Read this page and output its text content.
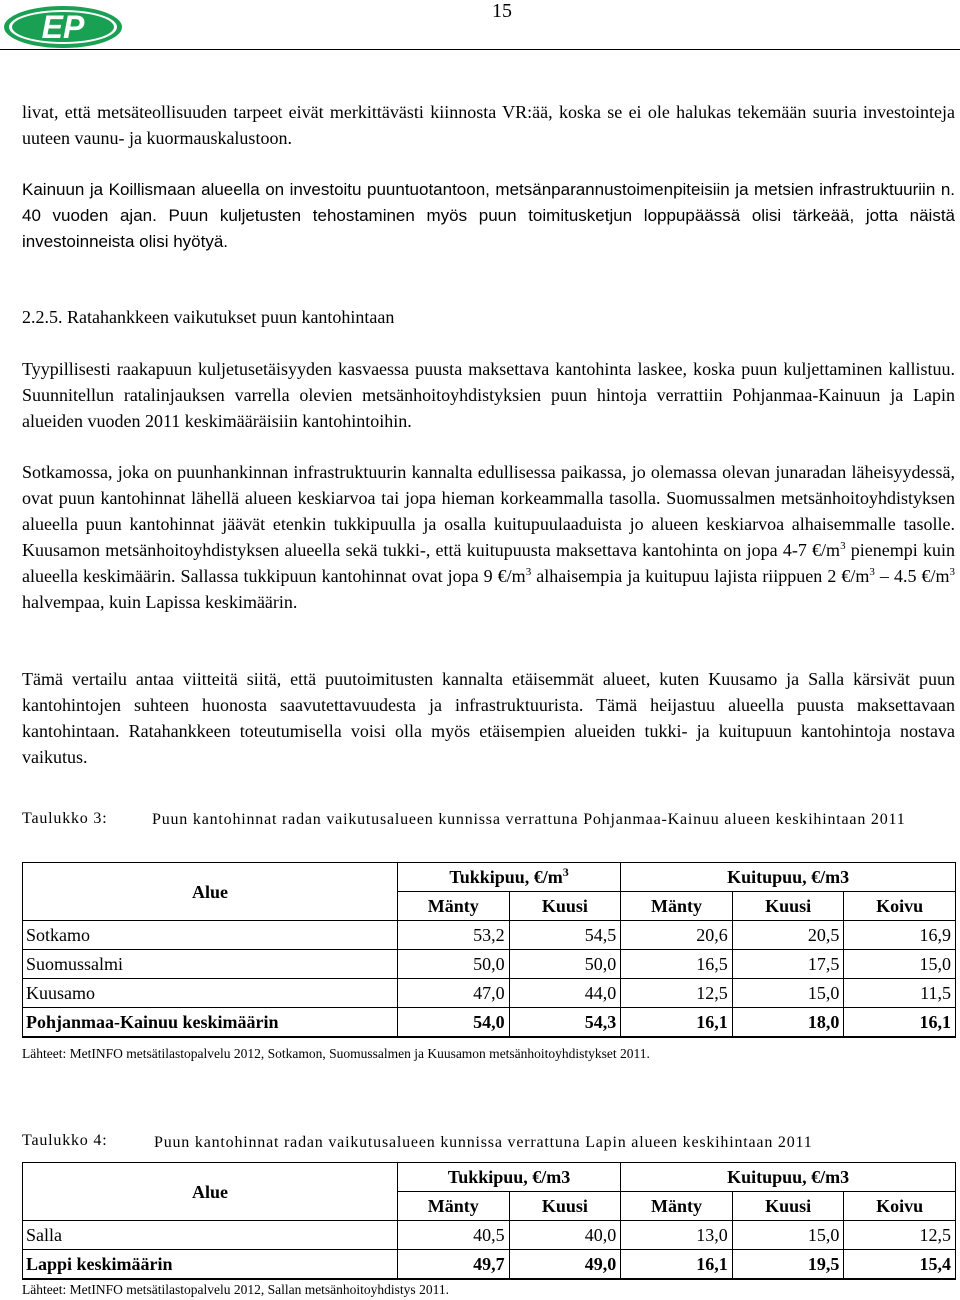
EP	15

livat, että metsäteollisuuden tarpeet eivät merkittävästi kiinnosta VR:ää, koska se ei ole halukas tekemään suuria investointeja uuteen vaunu- ja kuormauskalustoon.

Kainuun ja Koillismaan alueella on investoitu puuntuotantoon, metsänparannustoimenpiteisiin ja metsien infrastruktuuriin n. 40 vuoden ajan. Puun kuljetusten tehostaminen myös puun toimitusketjun loppupäässä olisi tärkeää, jotta näistä investoinneista olisi hyötyä.

2.2.5. Ratahankkeen vaikutukset puun kantohintaan

Tyypillisesti raakapuun kuljetusetäisyyden kasvaessa puusta maksettava kantohinta laskee, koska puun kuljettaminen kallistuu. Suunnitellun ratalinjauksen varrella olevien metsänhoitoyhdistyksien puun hintoja verrattiin Pohjanmaa-Kainuun ja Lapin alueiden vuoden 2011 keskimääräisiin kantohintoihin.

Sotkamossa, joka on puunhankinnan infrastruktuurin kannalta edullisessa paikassa, jo olemassa olevan junaradan läheisyydessä, ovat puun kantohinnat lähellä alueen keskiarvoa tai jopa hieman korkeammalla tasolla. Suomussalmen metsänhoitoyhdistyksen alueella puun kantohinnat jäävät etenkin tukkipuulla ja osalla kuitupuulaaduista jo alueen keskiarvoa alhaisemmalle tasolle. Kuusamon metsänhoitoyhdistyksen alueella sekä tukki-, että kuitupuusta maksettava kantohinta on jopa 4-7 $€/m^3$ pienempi kuin alueella keskimäärin. Sallassa tukkipuun kantohinnat ovat jopa 9 $€/m^3$ alhaisempia ja kuitupuu lajista riippuen 2 $€/m^3 - 4.5$ $€/m^3$ halvempaa, kuin Lapissa keskimäärin.

Tämä vertailu antaa viitteitä siitä, että puutoimitusten kannalta etäisemmät alueet, kuten Kuusamo ja Salla kärsivät puun kantohintojen suhteen huonosta saavutettavuudesta ja infrastruktuurista. Tämä heijastuu alueella puusta maksettavaan kantohintaan. Ratahankkeen toteutumisella voisi olla myös etäisempien alueiden tukki- ja kuitupuun kantohintoja nostava vaikutus.

Taulukko 3:	Puun kantohinnat radan vaikutusalueen kunnissa verrattuna Pohjanmaa-Kainuu alueen keskihintaan 2011
Alue	Tukkipuu, $€/m^3$		Kuitupuu, €/m3		
	Mänty	Kuusi	Mänty	Kuusi	Koivu
Sotkamo	53,2	54,5	20,6	20,5	16,9
Suomussalmi	50,0	50,0	16,5	17,5	15,0
Kuusamo	47,0	44,0	12,5	15,0	11,5
Pohjanmaa-Kainuu keskimäärin	54,0	54,3	16,1	18,0	16,1
Lähteet: MetINFO metsätilastopalvelu 2012, Sotkamon, Suomussalmen ja Kuusamon metsänhoitoyhdistykset 2011.
Taulukko 4:	Puun kantohinnat radan vaikutusalueen kunnissa verrattuna Lapin alueen keskihintaan 2011
Alue	Tukkipuu, €/m3		Kuitupuu, €/m3		
	Mänty	Kuusi	Mänty	Kuusi	Koivu
Salla	40,5	40,0	13,0	15,0	12,5
Lappi keskimäärin	49,7	49,0	16,1	19,5	15,4
Lähteet: MetINFO metsätilastopalvelu 2012, Sallan metsänhoitoyhdistys 2011.
